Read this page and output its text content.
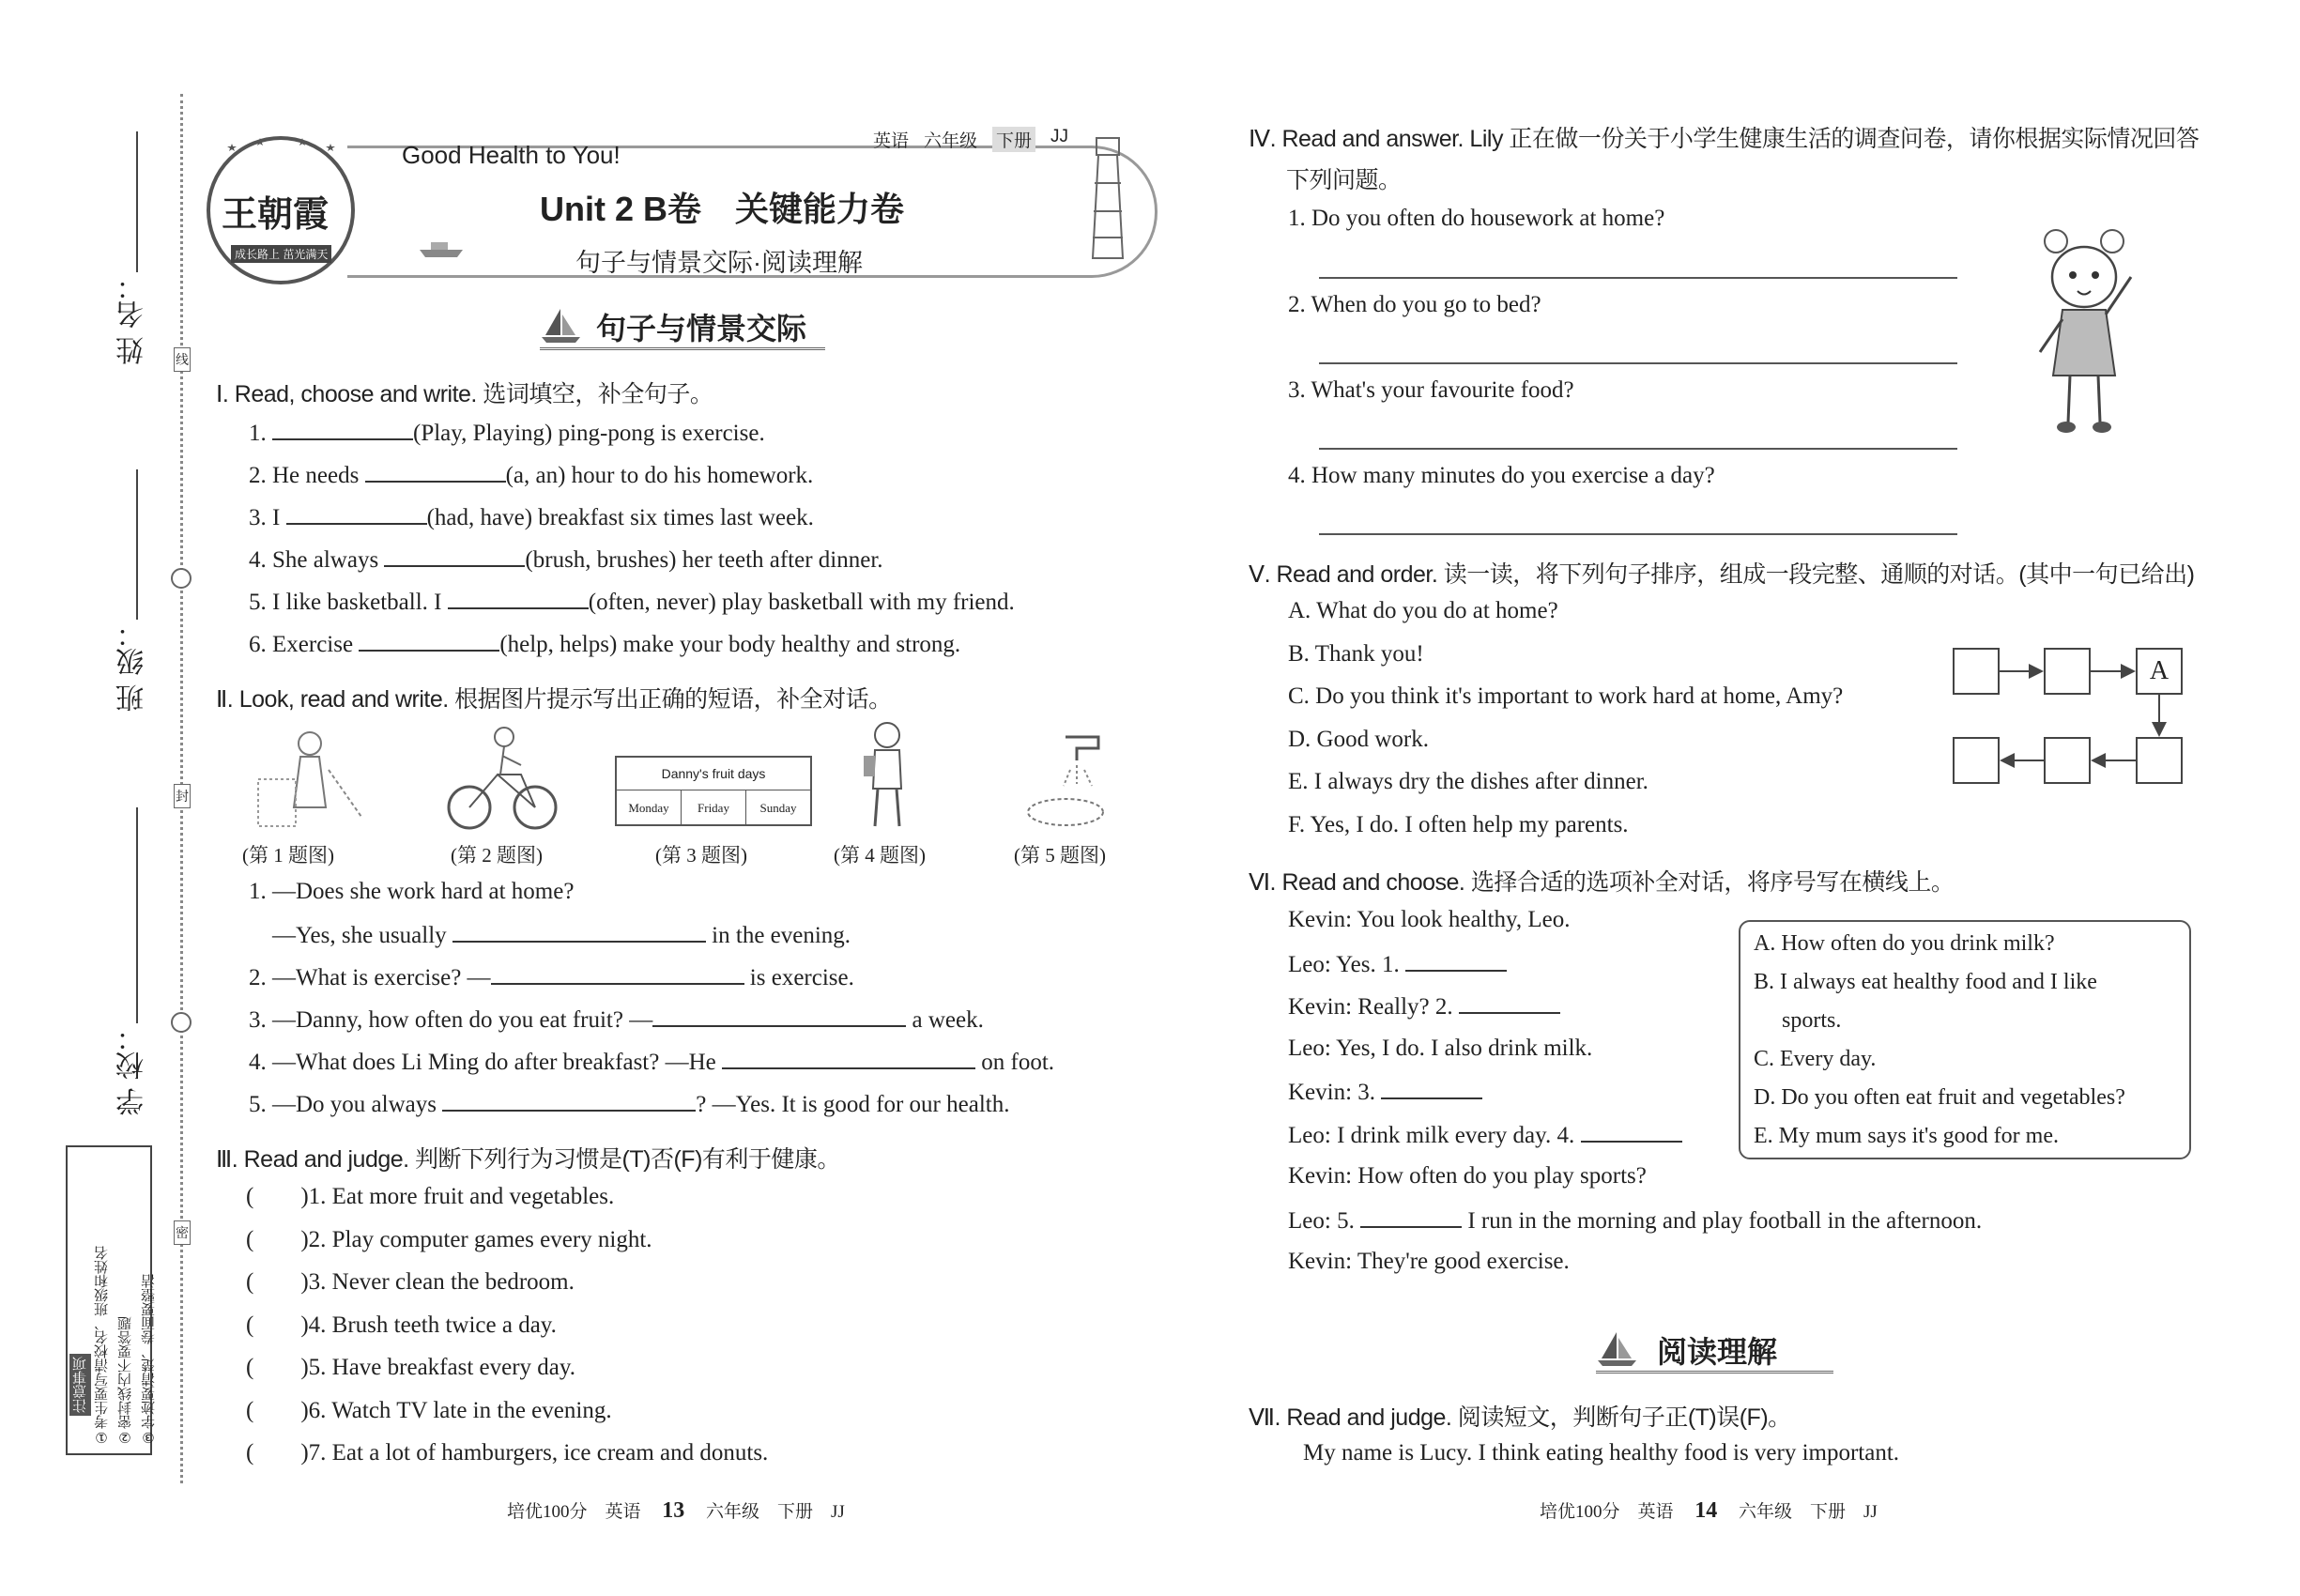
姓 名：
班 级：
学 校：
线
封
密
注意事项	③字迹要清楚、卷面要整洁
②密封线内不要答题
①考生要写清校名、班级和姓名
王朝霞
成长路上 茁光满天
Good Health to You!	英语 六年级 下册 JJ
Unit 2 B卷　关键能力卷
句子与情景交际·阅读理解
句子与情景交际
Ⅰ. Read, choose and write. 选词填空，补全句子。
1.	(Play, Playing) ping-pong is exercise.
2. He needs	(a, an) hour to do his homework.
3. I	(had, have) breakfast six times last week.
4. She always	(brush, brushes) her teeth after dinner.
5. I like basketball. I	(often, never) play basketball with my friend.
6. Exercise	(help, helps) make your body healthy and strong.
Ⅱ. Look, read and write. 根据图片提示写出正确的短语，补全对话。
Danny's fruit days
Monday	Friday	Sunday
(第 1 题图)	(第 2 题图)	(第 3 题图)	(第 4 题图)	(第 5 题图)
1. —Does she work hard at home?
　—Yes, she usually	in the evening.
2. —What is exercise? —	is exercise.
3. —Danny, how often do you eat fruit? —	a week.
4. —What does Li Ming do after breakfast? —He	on foot.
5. —Do you always	? —Yes. It is good for our health.
Ⅲ. Read and judge. 判断下列行为习惯是(T)否(F)有利于健康。
(　　)1. Eat more fruit and vegetables.
(　　)2. Play computer games every night.
(　　)3. Never clean the bedroom.
(　　)4. Brush teeth twice a day.
(　　)5. Have breakfast every day.
(　　)6. Watch TV late in the evening.
(　　)7. Eat a lot of hamburgers, ice cream and donuts.
培优100分　英语 13 六年级　下册　JJ
Ⅳ. Read and answer. Lily 正在做一份关于小学生健康生活的调查问卷，请你根据实际情况回答
下列问题。
1. Do you often do housework at home?
2. When do you go to bed?
3. What's your favourite food?
4. How many minutes do you exercise a day?
Ⅴ. Read and order. 读一读，将下列句子排序，组成一段完整、通顺的对话。(其中一句已给出)
A. What do you do at home?
B. Thank you!
C. Do you think it's important to work hard at home, Amy?
D. Good work.
E. I always dry the dishes after dinner.
F. Yes, I do. I often help my parents.
A
Ⅵ. Read and choose. 选择合适的选项补全对话，将序号写在横线上。
Kevin: You look healthy, Leo.
Leo: Yes. 1.
Kevin: Really? 2.
Leo: Yes, I do. I also drink milk.
Kevin: 3.
Leo: I drink milk every day. 4.
Kevin: How often do you play sports?
Leo: 5.	I run in the morning and play football in the afternoon.
Kevin: They're good exercise.
A. How often do you drink milk?
B. I always eat healthy food and I like
　 sports.
C. Every day.
D. Do you often eat fruit and vegetables?
E. My mum says it's good for me.
阅读理解
Ⅶ. Read and judge. 阅读短文，判断句子正(T)误(F)。
My name is Lucy. I think eating healthy food is very important.
培优100分　英语 14 六年级　下册　JJ
